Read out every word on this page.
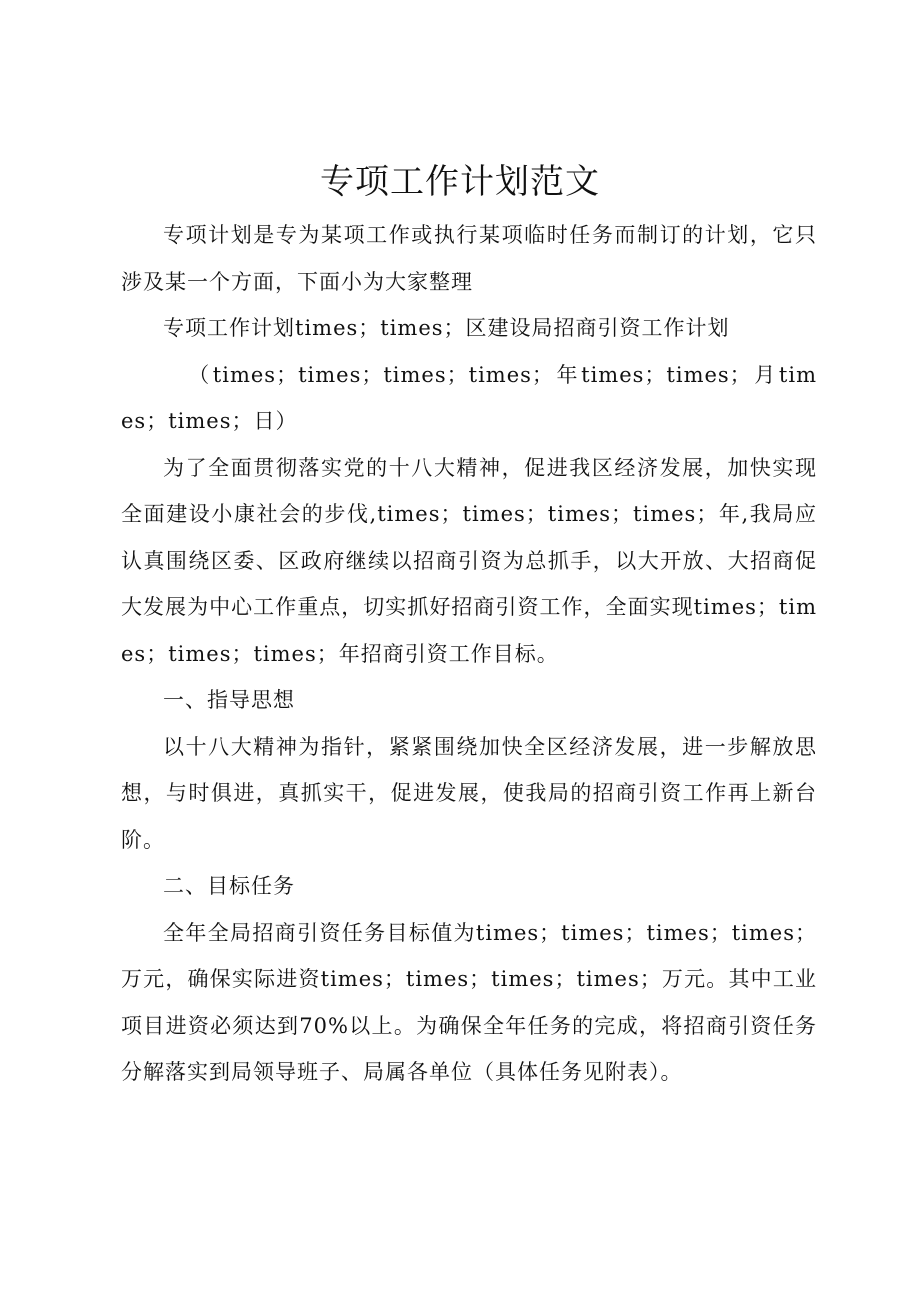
专项工作计划范文

专项计划是专为某项工作或执行某项临时任务而制订的计划，它只涉及某一个方面，下面小为大家整理

专项工作计划times；times；区建设局招商引资工作计划

（times；times；times；times；年times；times；月times；times；日）

为了全面贯彻落实党的十八大精神，促进我区经济发展，加快实现全面建设小康社会的步伐,times；times；times；times；年,我局应认真围绕区委、区政府继续以招商引资为总抓手，以大开放、大招商促大发展为中心工作重点，切实抓好招商引资工作，全面实现times；times；times；times；年招商引资工作目标。

一、指导思想

以十八大精神为指针，紧紧围绕加快全区经济发展，进一步解放思想，与时俱进，真抓实干，促进发展，使我局的招商引资工作再上新台阶。

二、目标任务

全年全局招商引资任务目标值为times；times；times；times；万元，确保实际进资times；times；times；times；万元。其中工业项目进资必须达到70%以上。为确保全年任务的完成，将招商引资任务分解落实到局领导班子、局属各单位（具体任务见附表）。
